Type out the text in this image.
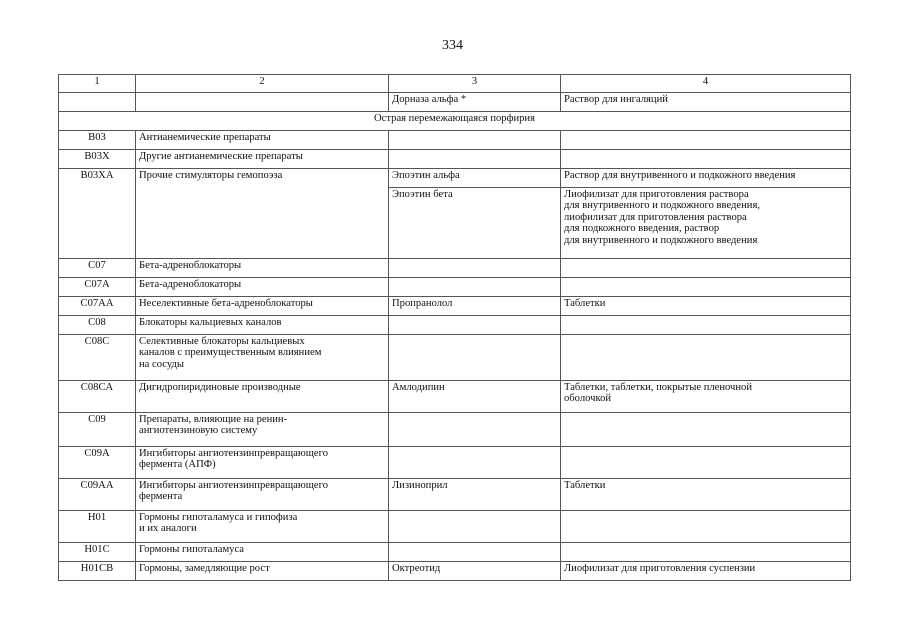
334
1	2	3	4
		Дорназа альфа *	Раствор для ингаляций
Острая перемежающаяся порфирия			
B03	Антианемические препараты		
B03X	Другие антианемические препараты		
B03XA	Прочие стимуляторы гемопоэза	Эпоэтин альфа	Раствор для внутривенного и подкожного введения
		Эпоэтин бета	Лиофилизат для приготовления раствора
для внутривенного и подкожного введения,
лиофилизат для приготовления раствора
для подкожного введения, раствор
для внутривенного и подкожного введения
C07	Бета-адреноблокаторы		
C07A	Бета-адреноблокаторы		
C07AA	Неселективные бета-адреноблокаторы	Пропранолол	Таблетки
C08	Блокаторы кальциевых каналов		
C08C	Селективные блокаторы кальциевых
каналов с преимущественным влиянием
на сосуды		
C08CA	Дигидропиридиновые производные	Амлодипин	Таблетки, таблетки, покрытые пленочной
оболочкой
C09	Препараты, влияющие на ренин-
ангиотензиновую систему		
C09A	Ингибиторы ангиотензинпревращающего
фермента (АПФ)		
C09AA	Ингибиторы ангиотензинпревращающего
фермента	Лизиноприл	Таблетки
H01	Гормоны гипоталамуса и гипофиза
и их аналоги		
H01C	Гормоны гипоталамуса		
H01CB	Гормоны, замедляющие рост	Октреотид	Лиофилизат для приготовления суспензии
